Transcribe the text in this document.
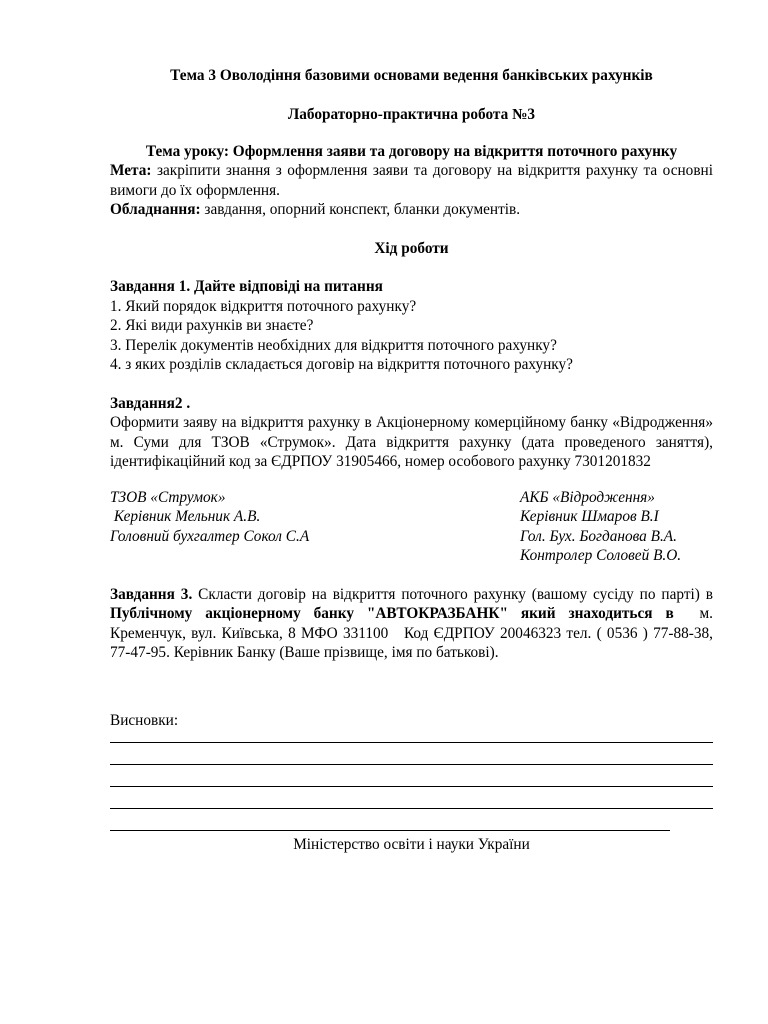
Тема 3 Оволодіння базовими основами ведення банківських рахунків

Лабораторно-практична робота №3

Тема уроку: Оформлення заяви та договору на відкриття поточного рахунку

Мета: закріпити знання з оформлення заяви та договору на відкриття рахунку та основні вимоги до їх оформлення.

Обладнання: завдання, опорний конспект, бланки документів.

Хід роботи

Завдання 1. Дайте відповіді на питання

1. Який порядок відкриття поточного рахунку?

2. Які види рахунків ви знаєте?

3. Перелік документів необхідних для відкриття поточного рахунку?

4. з яких розділів складається договір на відкриття поточного рахунку?

Завдання2 .

Оформити заяву на відкриття рахунку в Акціонерному комерційному банку «Відродження» м. Суми для ТЗОВ «Струмок». Дата відкриття рахунку (дата проведеного заняття), ідентифікаційний код за ЄДРПОУ 31905466, номер особового рахунку 7301201832

ТЗОВ «Струмок»
Керівник Мельник А.В.
Головний бухгалтер Сокол С.А
АКБ «Відродження»
Керівник Шмаров В.І
Гол. Бух. Богданова В.А.
Контролер Соловей В.О.

Завдання 3. Скласти договір на відкриття поточного рахунку (вашому сусіду по парті) в Публічному акціонерному банку "АВТОКРАЗБАНК" який знаходиться в  м. Кременчук, вул. Київська, 8 МФО 331100   Код ЄДРПОУ 20046323 тел. ( 0536 ) 77-88-38, 77-47-95. Керівник Банку (Ваше прізвище, імя по батькові).

Висновки:

Міністерство освіти і науки України
